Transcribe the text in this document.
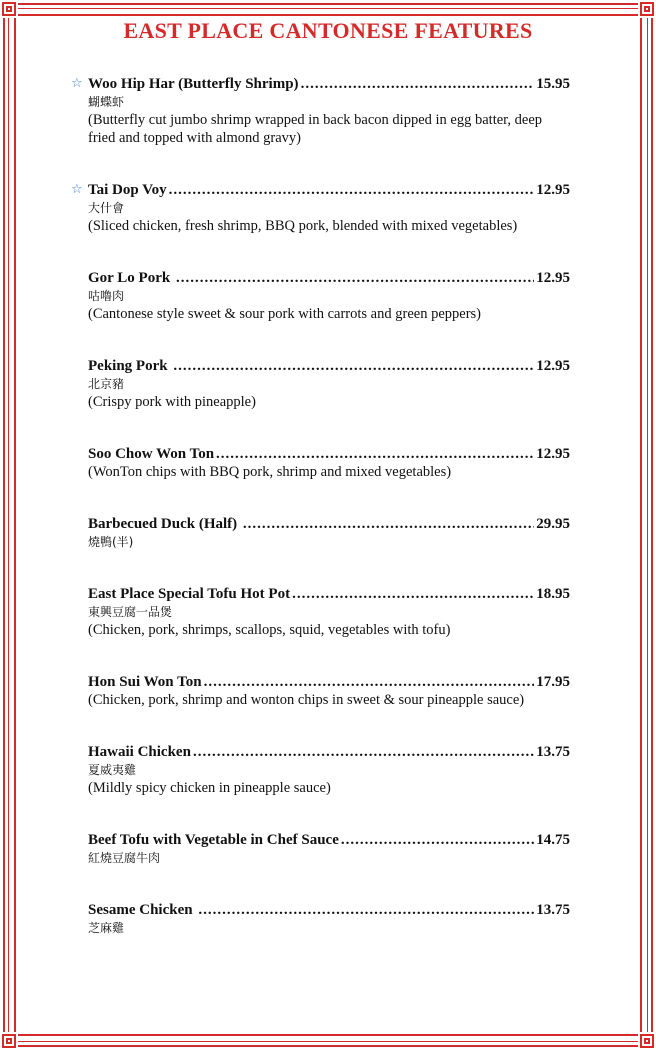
EAST PLACE CANTONESE FEATURES
☆ Woo Hip Har (Butterfly Shrimp) .....	15.95
蝴蝶虾
(Butterfly cut jumbo shrimp wrapped in back bacon dipped in egg batter, deep fried and topped with almond gravy)
☆ Tai Dop Voy .....	12.95
大什會
(Sliced chicken, fresh shrimp, BBQ pork, blended with mixed vegetables)
Gor Lo Pork .....	12.95
咕噜肉
(Cantonese style sweet & sour pork with carrots and green peppers)
Peking Pork .....	12.95
北京豬
(Crispy pork with pineapple)
Soo Chow Won Ton .....	12.95
(WonTon chips with BBQ pork, shrimp and mixed vegetables)
Barbecued Duck (Half) .....	29.95
燒鴨(半)
East Place Special Tofu Hot Pot .....	18.95
東興豆腐一品煲
(Chicken, pork, shrimps, scallops, squid, vegetables with tofu)
Hon Sui Won Ton .....	17.95
(Chicken, pork, shrimp and wonton chips in sweet & sour pineapple sauce)
Hawaii Chicken .....	13.75
夏威夷雞
(Mildly spicy chicken in pineapple sauce)
Beef Tofu with Vegetable in Chef Sauce .....	14.75
紅燒豆腐牛肉
Sesame Chicken .....	13.75
芝麻雞
